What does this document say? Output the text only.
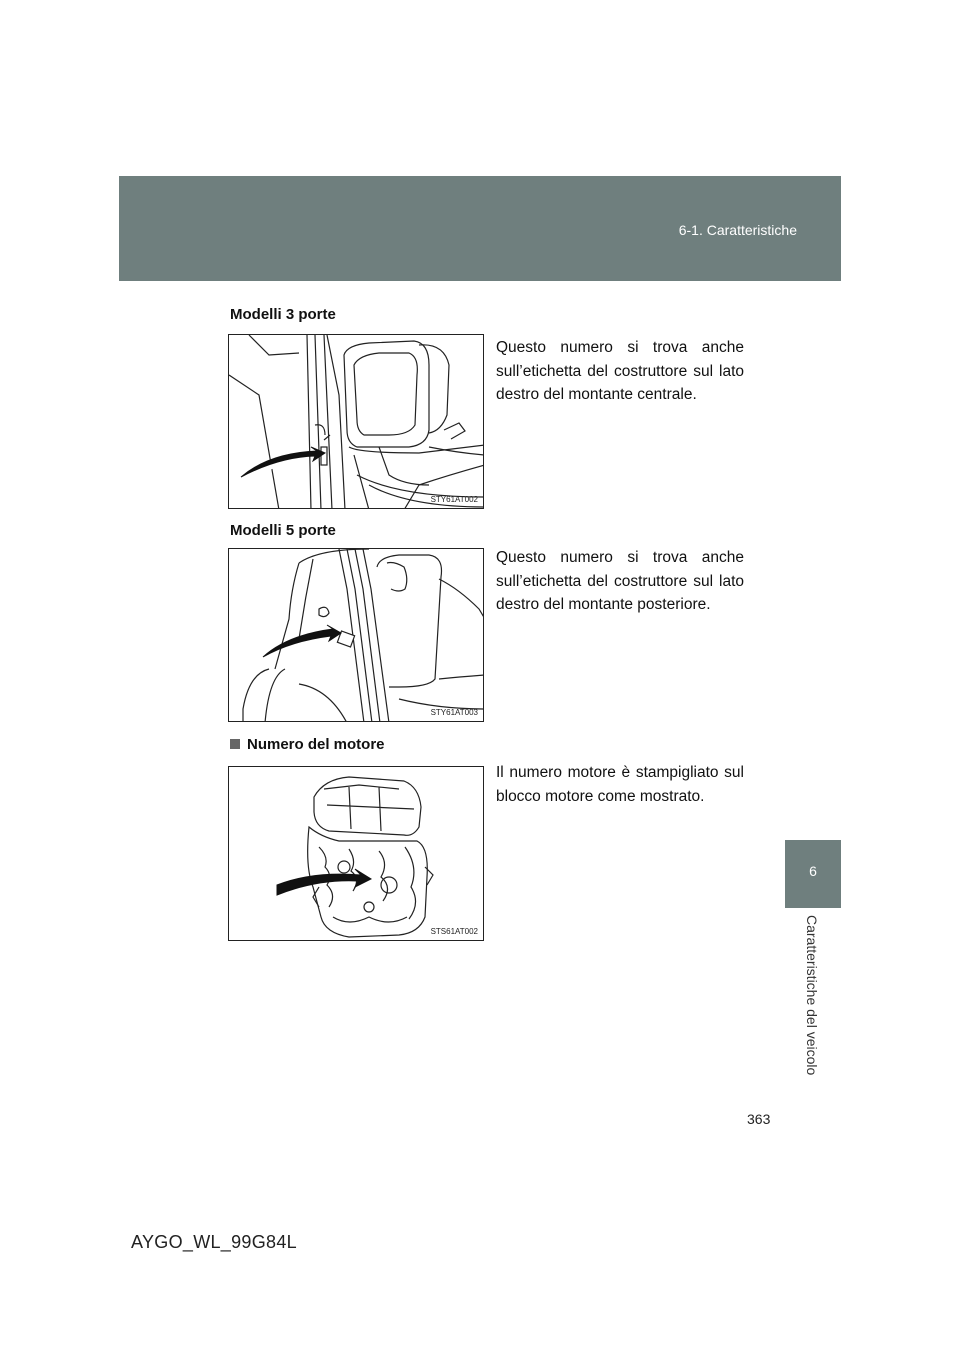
6-1. Caratteristiche
6
Caratteristiche del veicolo
Modelli 3 porte
STY61AT002
Questo numero si trova anche sull’etichetta del costruttore sul lato destro del montante centrale.
Modelli 5 porte
STY61AT003
Questo numero si trova anche sull’etichetta del costruttore sul lato destro del montante posteriore.
Numero del motore
STS61AT002
Il numero motore è stampigliato sul blocco motore come mostrato.
363
AYGO_WL_99G84L
